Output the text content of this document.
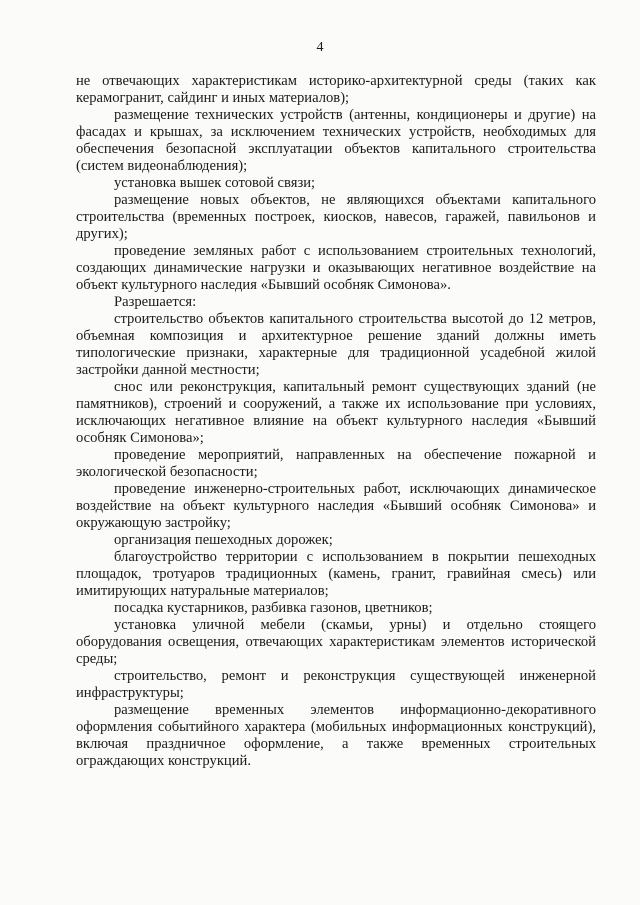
4

не отвечающих характеристикам историко-архитектурной среды (таких как керамогранит, сайдинг и иных материалов);

размещение технических устройств (антенны, кондиционеры и другие) на фасадах и крышах, за исключением технических устройств, необходимых для обеспечения безопасной эксплуатации объектов капитального строительства (систем видеонаблюдения);

установка вышек сотовой связи;

размещение новых объектов, не являющихся объектами капитального строительства (временных построек, киосков, навесов, гаражей, павильонов и других);

проведение земляных работ с использованием строительных технологий, создающих динамические нагрузки и оказывающих негативное воздействие на объект культурного наследия «Бывший особняк Симонова».

Разрешается:

строительство объектов капитального строительства высотой до 12 метров, объемная композиция и архитектурное решение зданий должны иметь типологические признаки, характерные для традиционной усадебной жилой застройки данной местности;

снос или реконструкция, капитальный ремонт существующих зданий (не памятников), строений и сооружений, а также их использование при условиях, исключающих негативное влияние на объект культурного наследия «Бывший особняк Симонова»;

проведение мероприятий, направленных на обеспечение пожарной и экологической безопасности;

проведение инженерно-строительных работ, исключающих динамическое воздействие на объект культурного наследия «Бывший особняк Симонова» и окружающую застройку;

организация пешеходных дорожек;

благоустройство территории с использованием в покрытии пешеходных площадок, тротуаров традиционных (камень, гранит, гравийная смесь) или имитирующих натуральные материалов;

посадка кустарников, разбивка газонов, цветников;

установка уличной мебели (скамьи, урны) и отдельно стоящего оборудования освещения, отвечающих характеристикам элементов исторической среды;

строительство, ремонт и реконструкция существующей инженерной инфраструктуры;

размещение временных элементов информационно-декоративного оформления событийного характера (мобильных информационных конструкций), включая праздничное оформление, а также временных строительных ограждающих конструкций.
